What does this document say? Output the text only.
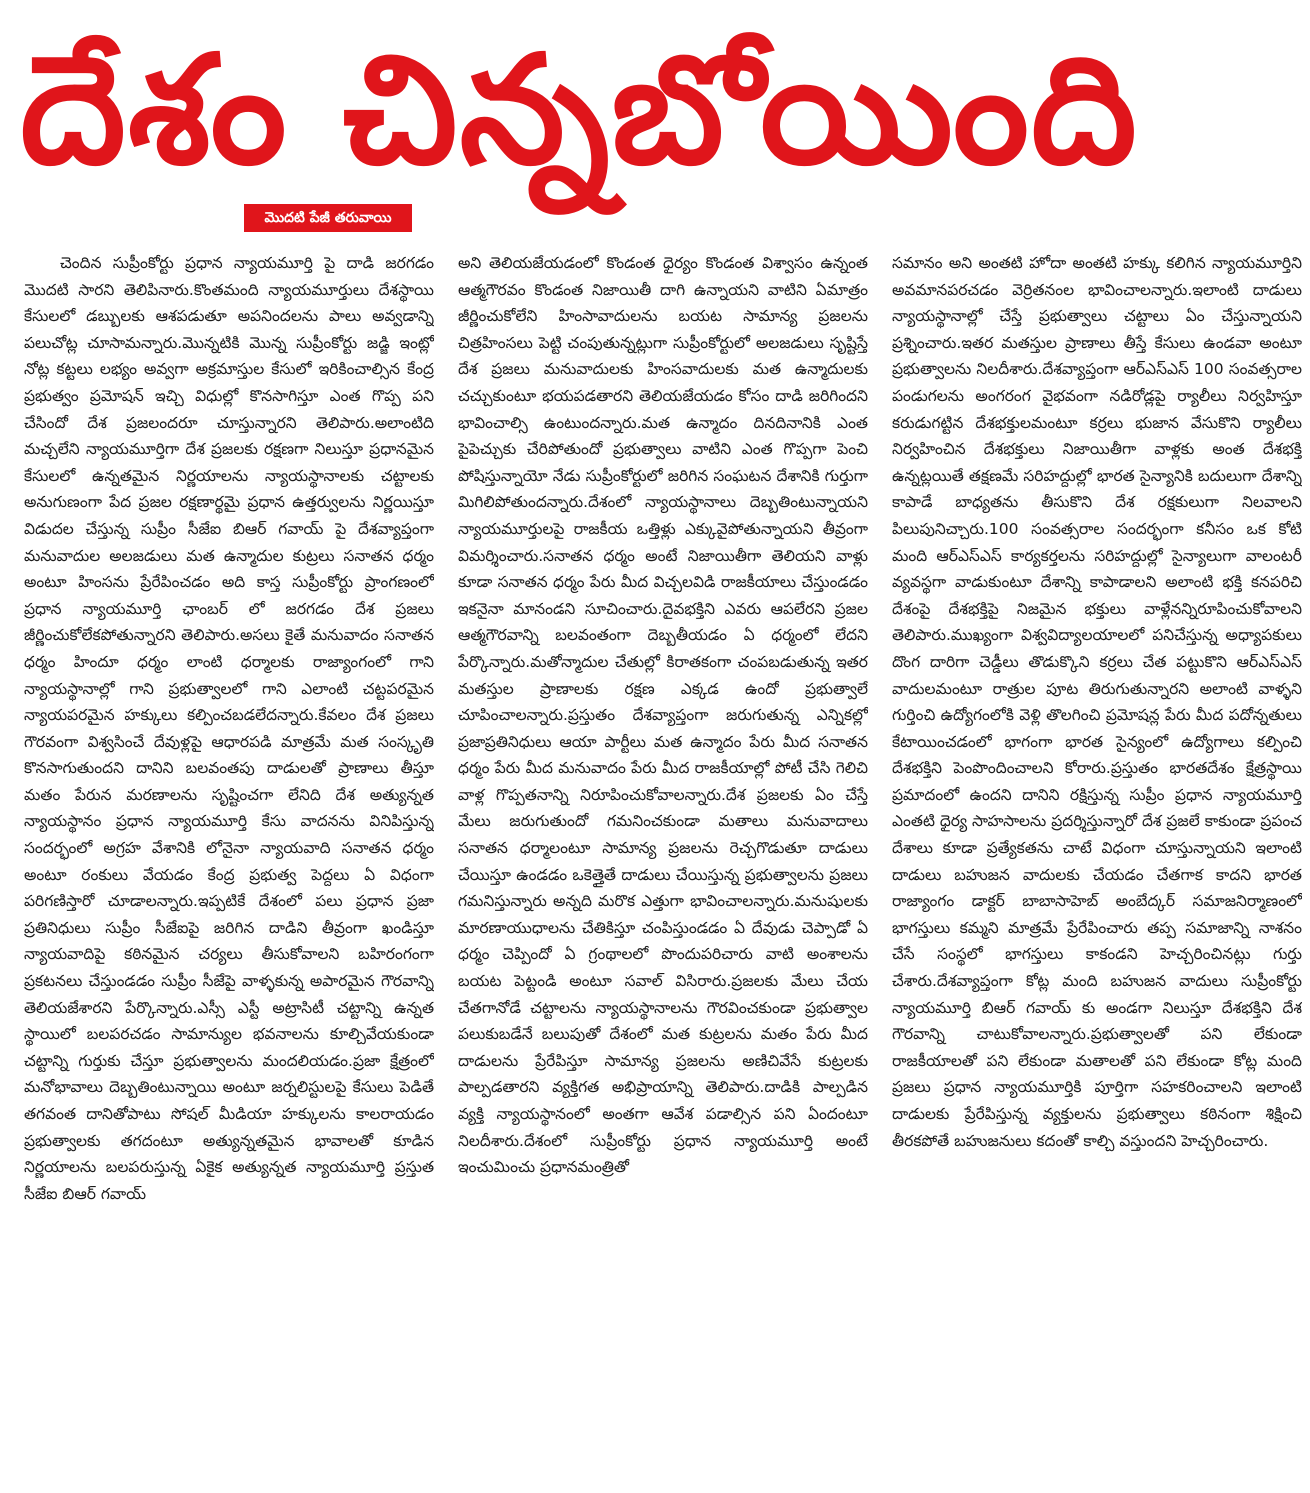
దేశం చిన్నబోయింది
మొదటి పేజీ తరువాయి
చెందిన సుప్రీంకోర్టు ప్రధాన న్యాయమూర్తి పై దాడి జరగడం మొదటి సారని తెలిపినారు.కొంతమంది న్యాయమూర్తులు దేశస్థాయి కేసులలో డబ్బులకు ఆశపడుతూ అపనిందలను పాలు అవ్వడాన్ని పలుచోట్ల చూసామన్నారు.మొన్నటికి మొన్న సుప్రీంకోర్టు జడ్జి ఇంట్లో నోట్ల కట్టలు లభ్యం అవ్వగా అక్రమాస్తుల కేసులో ఇరికించాల్సిన కేంద్ర ప్రభుత్వం ప్రమోషన్ ఇచ్చి విధుల్లో కొనసాగిస్తూ ఎంత గొప్ప పని చేసిందో దేశ ప్రజలందరూ చూస్తున్నారని తెలిపారు.అలాంటిది మచ్చలేని న్యాయమూర్తిగా దేశ ప్రజలకు రక్షణగా నిలుస్తూ ప్రధానమైన కేసులలో ఉన్నతమైన నిర్ణయాలను న్యాయస్థానాలకు చట్టాలకు అనుగుణంగా పేద ప్రజల రక్షణార్థమై ప్రధాన ఉత్తర్వులను నిర్ణయిస్తూ విడుదల చేస్తున్న సుప్రీం సీజేఐ బిఆర్ గవాయ్ పై దేశవ్యాప్తంగా మనువాదుల అలజడులు మత ఉన్మాదుల కుట్రలు సనాతన ధర్మం అంటూ హింసను ప్రేరేపించడం అది కాస్త సుప్రీంకోర్టు ప్రాంగణంలో ప్రధాన న్యాయమూర్తి ఛాంబర్ లో జరగడం దేశ ప్రజలు జీర్ణించుకోలేకపోతున్నారని తెలిపారు.అసలు కైతే మనువాదం సనాతన ధర్మం హిందూ ధర్మం లాంటి ధర్మాలకు రాజ్యాంగంలో గాని న్యాయస్థానాల్లో గాని ప్రభుత్వాలలో గాని ఎలాంటి చట్టపరమైన న్యాయపరమైన హక్కులు కల్పించబడలేదన్నారు.కేవలం దేశ ప్రజలు గౌరవంగా విశ్వసించే దేవుళ్లపై ఆధారపడి మాత్రమే మత సంస్కృతి కొనసాగుతుందని దానిని బలవంతపు దాడులతో ప్రాణాలు తీస్తూ మతం పేరున మరణాలను సృష్టించగా లేనిది దేశ అత్యున్నత న్యాయస్థానం ప్రధాన న్యాయమూర్తి కేసు వాదనను వినిపిస్తున్న సందర్భంలో అగ్రహ వేశానికి లోనైనా న్యాయవాది సనాతన ధర్మం అంటూ రంకులు వేయడం కేంద్ర ప్రభుత్వ పెద్దలు ఏ విధంగా పరిగణిస్తారో చూడాలన్నారు.ఇప్పటికే దేశంలో పలు ప్రధాన ప్రజా ప్రతినిధులు సుప్రీం సీజేఐపై జరిగిన దాడిని తీవ్రంగా ఖండిస్తూ న్యాయవాదిపై కఠినమైన చర్యలు తీసుకోవాలని బహిరంగంగా ప్రకటనలు చేస్తుండడం సుప్రీం సీజేపై వాళ్ళకున్న అపారమైన గౌరవాన్ని తెలియజేశారని పేర్కొన్నారు.ఎస్సీ ఎస్టీ అట్రాసిటీ చట్టాన్ని ఉన్నత స్థాయిలో బలపరచడం సామాన్యుల భవనాలను కూల్చివేయకుండా చట్టాన్ని గుర్తుకు చేస్తూ ప్రభుత్వాలను మందలియడం.ప్రజా క్షేత్రంలో మనోభావాలు దెబ్బతింటున్నాయి అంటూ జర్నలిస్టులపై కేసులు పెడితే తగవంత దానితోపాటు సోషల్ మీడియా హక్కులను కాలరాయడం ప్రభుత్వాలకు తగదంటూ అత్యున్నతమైన భావాలతో కూడిన నిర్ణయాలను బలపరుస్తున్న ఏకైక అత్యున్నత న్యాయమూర్తి ప్రస్తుత సీజేఐ బిఆర్ గవాయ్
అని తెలియజేయడంలో కొండంత ధైర్యం కొండంత విశ్వాసం ఉన్నంత ఆత్మగౌరవం కొండంత నిజాయితీ దాగి ఉన్నాయని వాటిని ఏమాత్రం జీర్ణించుకోలేని హింసావాదులను బయట సామాన్య ప్రజలను చిత్రహింసలు పెట్టి చంపుతున్నట్లుగా సుప్రీంకోర్టులో అలజడులు సృష్టిస్తే దేశ ప్రజలు మనువాదులకు హింసవాదులకు మత ఉన్మాదులకు చచ్చుకుంటూ భయపడతారని తెలియజేయడం కోసం దాడి జరిగిందని భావించాల్సి ఉంటుందన్నారు.మత ఉన్మాదం దినదినానికి ఎంత పైపెచ్చుకు చేరిపోతుందో ప్రభుత్వాలు వాటిని ఎంత గొప్పగా పెంచి పోషిస్తున్నాయో నేడు సుప్రీంకోర్టులో జరిగిన సంఘటన దేశానికి గుర్తుగా మిగిలిపోతుందన్నారు.దేశంలో న్యాయస్థానాలు దెబ్బతింటున్నాయని న్యాయమూర్తులపై రాజకీయ ఒత్తిళ్లు ఎక్కువైపోతున్నాయని తీవ్రంగా విమర్శించారు.సనాతన ధర్మం అంటే నిజాయితీగా తెలియని వాళ్లు కూడా సనాతన ధర్మం పేరు మీద విచ్చలవిడి రాజకీయాలు చేస్తుండడం ఇకనైనా మానండని సూచించారు.దైవభక్తిని ఎవరు ఆపలేరని ప్రజల ఆత్మగౌరవాన్ని బలవంతంగా దెబ్బతీయడం ఏ ధర్మంలో లేదని పేర్కొన్నారు.మతోన్మాదుల చేతుల్లో కిరాతకంగా చంపబడుతున్న ఇతర మతస్తుల ప్రాణాలకు రక్షణ ఎక్కడ ఉందో ప్రభుత్వాలే చూపించాలన్నారు.ప్రస్తుతం దేశవ్యాప్తంగా జరుగుతున్న ఎన్నికల్లో ప్రజాప్రతినిధులు ఆయా పార్టీలు మత ఉన్మాదం పేరు మీద సనాతన ధర్మం పేరు మీద మనువాదం పేరు మీద రాజకీయాల్లో పోటీ చేసి గెలిచి వాళ్ల గొప్పతనాన్ని నిరూపించుకోవాలన్నారు.దేశ ప్రజలకు ఏం చేస్తే మేలు జరుగుతుందో గమనించకుండా మతాలు మనువాదాలు సనాతన ధర్మాలంటూ సామాన్య ప్రజలను రెచ్చగొడుతూ దాడులు చేయిస్తూ ఉండడం ఒకెత్తైతే దాడులు చేయిస్తున్న ప్రభుత్వాలను ప్రజలు గమనిస్తున్నారు అన్నది మరొక ఎత్తుగా భావించాలన్నారు.మనుషులకు మారణాయుధాలను చేతికిస్తూ చంపిస్తుండడం ఏ దేవుడు చెప్పాడో ఏ ధర్మం చెప్పిందో ఏ గ్రంథాలలో పొందుపరిచారు వాటి అంశాలను బయట పెట్టండి అంటూ సవాల్ విసిరారు.ప్రజలకు మేలు చేయ చేతగానోడే చట్టాలను న్యాయస్థానాలను గౌరవించకుండా ప్రభుత్వాల పలుకుబడేనే బలుపుతో దేశంలో మత కుట్రలను మతం పేరు మీద దాడులను ప్రేరేపిస్తూ సామాన్య ప్రజలను అణిచివేసే కుట్రలకు పాల్పడతారని వ్యక్తిగత అభిప్రాయాన్ని తెలిపారు.దాడికి పాల్పడిన వ్యక్తి న్యాయస్థానంలో అంతగా ఆవేశ పడాల్సిన పని ఏందంటూ నిలదీశారు.దేశంలో సుప్రీంకోర్టు ప్రధాన న్యాయమూర్తి అంటే ఇంచుమించు ప్రధానమంత్రితో
సమానం అని అంతటి హోదా అంతటి హక్కు కలిగిన న్యాయమూర్తిని అవమానపరచడం వెర్రితనంల భావించాలన్నారు.ఇలాంటి దాడులు న్యాయస్థానాల్లో చేస్తే ప్రభుత్వాలు చట్టాలు ఏం చేస్తున్నాయని ప్రశ్నించారు.ఇతర మతస్తుల ప్రాణాలు తీస్తే కేసులు ఉండవా అంటూ ప్రభుత్వాలను నిలదీశారు.దేశవ్యాప్తంగా ఆర్ఎస్ఎస్ 100 సంవత్సరాల పండుగలను అంగరంగ వైభవంగా నడిరోడ్లపై ర్యాలీలు నిర్వహిస్తూ కరుడుగట్టిన దేశభక్తులమంటూ కర్రలు భుజాన వేసుకొని ర్యాలీలు నిర్వహించిన దేశభక్తులు నిజాయితీగా వాళ్లకు అంత దేశభక్తి ఉన్నట్లయితే తక్షణమే సరిహద్దుల్లో భారత సైన్యానికి బదులుగా దేశాన్ని కాపాడే బాధ్యతను తీసుకొని దేశ రక్షకులుగా నిలవాలని పిలుపునిచ్చారు.100 సంవత్సరాల సందర్భంగా కనీసం ఒక కోటి మంది ఆర్ఎస్ఎస్ కార్యకర్తలను సరిహద్దుల్లో సైన్యాలుగా వాలంటరీ వ్యవస్థగా వాడుకుంటూ దేశాన్ని కాపాడాలని అలాంటి భక్తి కనపరిచి దేశంపై దేశభక్తిపై నిజమైన భక్తులు వాళ్లేనన్నిరూపించుకోవాలని తెలిపారు.ముఖ్యంగా విశ్వవిద్యాలయాలలో పనిచేస్తున్న అధ్యాపకులు దొంగ దారిగా చెడ్డీలు తొడుక్కొని కర్రలు చేత పట్టుకొని ఆర్ఎస్ఎస్ వాదులమంటూ రాత్రుల పూట తిరుగుతున్నారని అలాంటి వాళ్ళని గుర్తించి ఉద్యోగంలోకి వెళ్లి తొలగించి ప్రమోషన్ల పేరు మీద పదోన్నతులు కేటాయించడంలో భాగంగా భారత సైన్యంలో ఉద్యోగాలు కల్పించి దేశభక్తిని పెంపొందించాలని కోరారు.ప్రస్తుతం భారతదేశం క్షేత్రస్థాయి ప్రమాదంలో ఉందని దానిని రక్షిస్తున్న సుప్రీం ప్రధాన న్యాయమూర్తి ఎంతటి ధైర్య సాహసాలను ప్రదర్శిస్తున్నారో దేశ ప్రజలే కాకుండా ప్రపంచ దేశాలు కూడా ప్రత్యేకతను చాటే విధంగా చూస్తున్నాయని ఇలాంటి దాడులు బహుజన వాదులకు చేయడం చేతగాక కాదని భారత రాజ్యాంగం డాక్టర్ బాబాసాహెబ్ అంబేద్కర్ సమాజనిర్మాణంలో భాగస్తులు కమ్మని మాత్రమే ప్రేరేపించారు తప్ప సమాజాన్ని నాశనం చేసే సంస్థలో భాగస్తులు కాకండని హెచ్చరించినట్లు గుర్తు చేశారు.దేశవ్యాప్తంగా కోట్ల మంది బహుజన వాదులు సుప్రీంకోర్టు న్యాయమూర్తి బిఆర్ గవాయ్ కు అండగా నిలుస్తూ దేశభక్తిని దేశ గౌరవాన్ని చాటుకోవాలన్నారు.ప్రభుత్వాలతో పని లేకుండా రాజకీయాలతో పని లేకుండా మతాలతో పని లేకుండా కోట్ల మంది ప్రజలు ప్రధాన న్యాయమూర్తికి పూర్తిగా సహకరించాలని ఇలాంటి దాడులకు ప్రేరేపిస్తున్న వ్యక్తులను ప్రభుత్వాలు కఠినంగా శిక్షించి తీరకపోతే బహుజనులు కదంతో కాల్చి వస్తుందని హెచ్చరించారు.
